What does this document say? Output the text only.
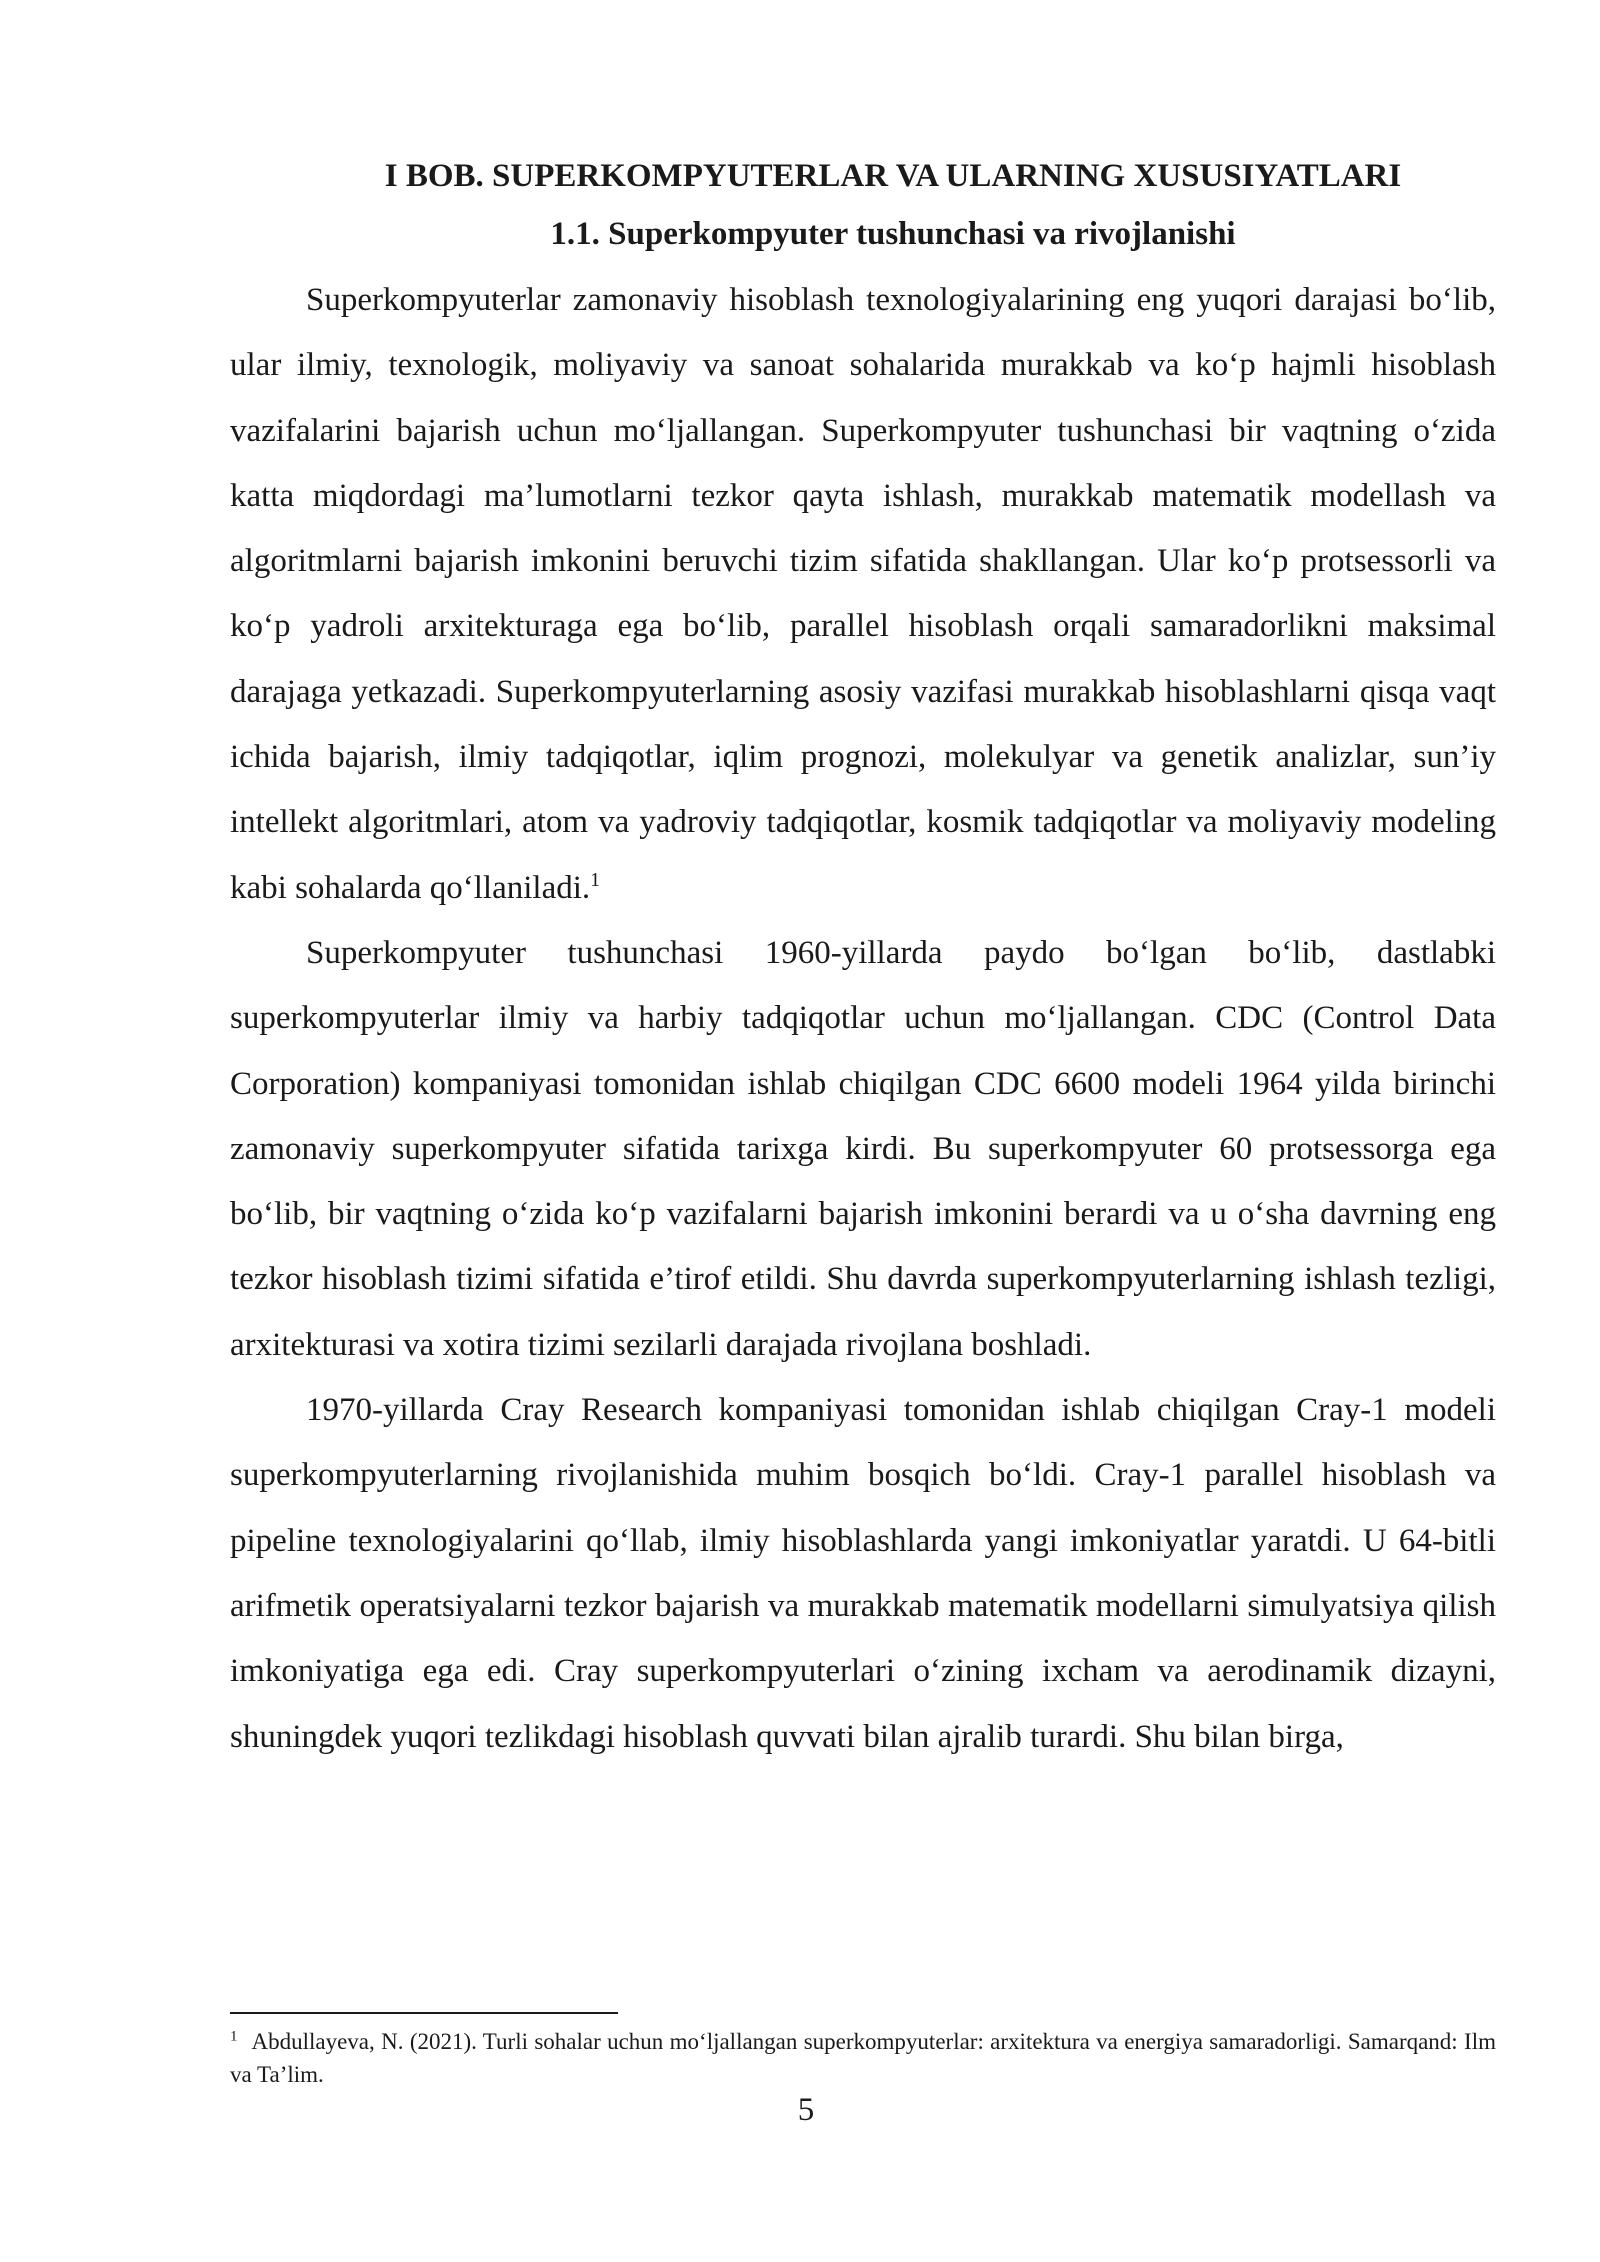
I BOB. SUPERKOMPYUTERLAR VA ULARNING XUSUSIYATLARI
1.1. Superkompyuter tushunchasi va rivojlanishi

Superkompyuterlar zamonaviy hisoblash texnologiyalarining eng yuqori darajasi bo‘lib, ular ilmiy, texnologik, moliyaviy va sanoat sohalarida murakkab va ko‘p hajmli hisoblash vazifalarini bajarish uchun mo‘ljallangan. Superkompyuter tushunchasi bir vaqtning o‘zida katta miqdordagi ma’lumotlarni tezkor qayta ishlash, murakkab matematik modellash va algoritmlarni bajarish imkonini beruvchi tizim sifatida shakllangan. Ular ko‘p protsessorli va ko‘p yadroli arxitekturaga ega bo‘lib, parallel hisoblash orqali samaradorlikni maksimal darajaga yetkazadi. Superkompyuterlarning asosiy vazifasi murakkab hisoblashlarni qisqa vaqt ichida bajarish, ilmiy tadqiqotlar, iqlim prognozi, molekulyar va genetik analizlar, sun’iy intellekt algoritmlari, atom va yadroviy tadqiqotlar, kosmik tadqiqotlar va moliyaviy modeling kabi sohalarda qo‘llaniladi.$^1$

Superkompyuter tushunchasi 1960-yillarda paydo bo‘lgan bo‘lib, dastlabki superkompyuterlar ilmiy va harbiy tadqiqotlar uchun mo‘ljallangan. CDC (Control Data Corporation) kompaniyasi tomonidan ishlab chiqilgan CDC 6600 modeli 1964 yilda birinchi zamonaviy superkompyuter sifatida tarixga kirdi. Bu superkompyuter 60 protsessorga ega bo‘lib, bir vaqtning o‘zida ko‘p vazifalarni bajarish imkonini berardi va u o‘sha davrning eng tezkor hisoblash tizimi sifatida e’tirof etildi. Shu davrda superkompyuterlarning ishlash tezligi, arxitekturasi va xotira tizimi sezilarli darajada rivojlana boshladi.

1970-yillarda Cray Research kompaniyasi tomonidan ishlab chiqilgan Cray-1 modeli superkompyuterlarning rivojlanishida muhim bosqich bo‘ldi. Cray-1 parallel hisoblash va pipeline texnologiyalarini qo‘llab, ilmiy hisoblashlarda yangi imkoniyatlar yaratdi. U 64-bitli arifmetik operatsiyalarni tezkor bajarish va murakkab matematik modellarni simulyatsiya qilish imkoniyatiga ega edi. Cray superkompyuterlari o‘zining ixcham va aerodinamik dizayni, shuningdek yuqori tezlikdagi hisoblash quvvati bilan ajralib turardi. Shu bilan birga,

$^1$ Abdullayeva, N. (2021). Turli sohalar uchun mo‘ljallangan superkompyuterlar: arxitektura va energiya samaradorligi. Samarqand: Ilm va Ta’lim.

5
